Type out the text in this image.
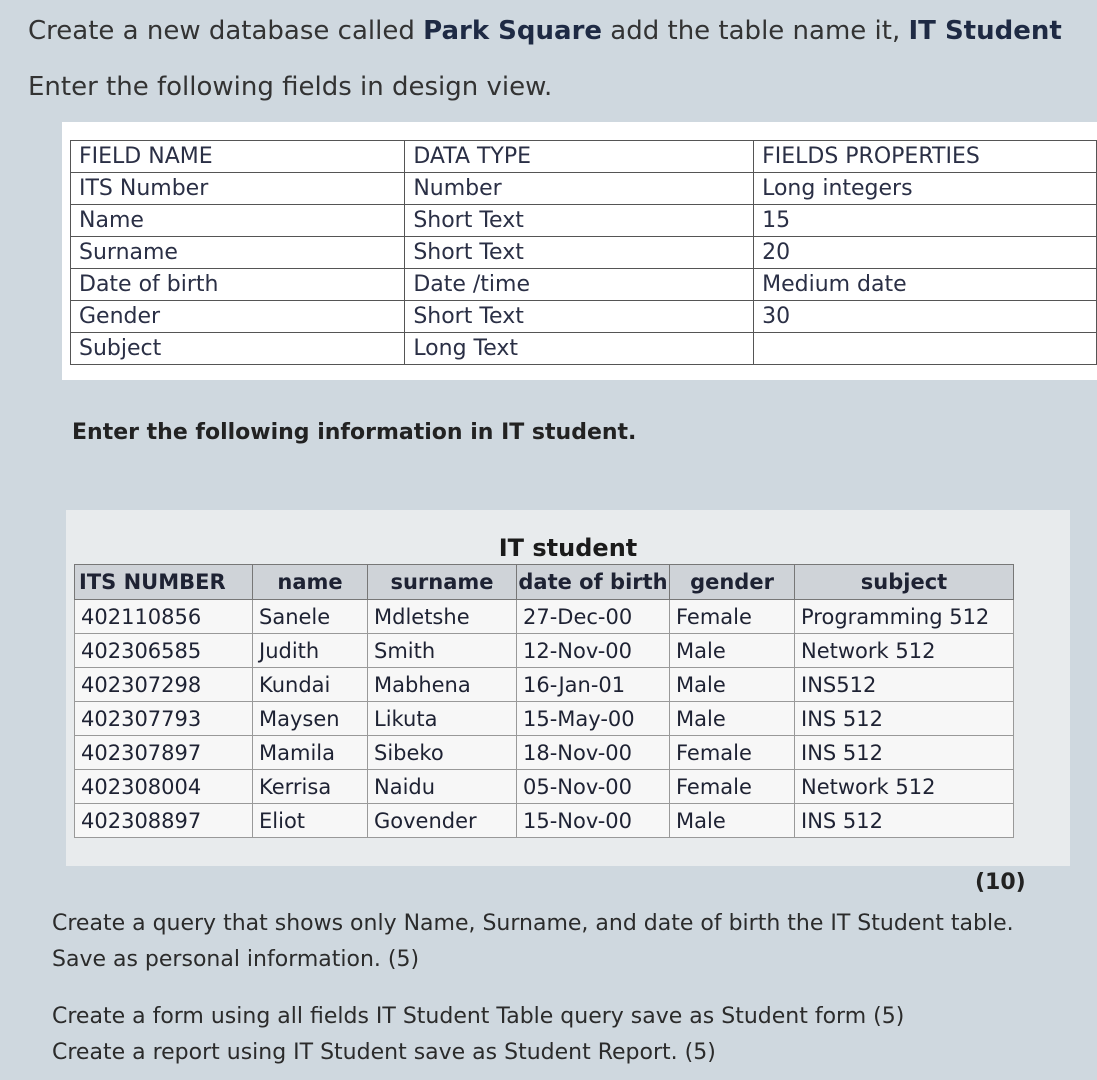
Create a new database called Park Square add the table name it, IT Student
Enter the following fields in design view.
FIELD NAME	DATA TYPE	FIELDS PROPERTIES
ITS Number	Number	Long integers
Name	Short Text	15
Surname	Short Text	20
Date of birth	Date /time	Medium date
Gender	Short Text	30
Subject	Long Text	
Enter the following information in IT student.
IT student
ITS NUMBER	name	surname	date of birth	gender	subject
402110856	Sanele	Mdletshe	27-Dec-00	Female	Programming 512
402306585	Judith	Smith	12-Nov-00	Male	Network 512
402307298	Kundai	Mabhena	16-Jan-01	Male	INS512
402307793	Maysen	Likuta	15-May-00	Male	INS 512
402307897	Mamila	Sibeko	18-Nov-00	Female	INS 512
402308004	Kerrisa	Naidu	05-Nov-00	Female	Network 512
402308897	Eliot	Govender	15-Nov-00	Male	INS 512
(10)
Create a query that shows only Name, Surname, and date of birth the IT Student table.
Save as personal information. (5)
Create a form using all fields IT Student Table query save as Student form (5)
Create a report using IT Student save as Student Report. (5)
